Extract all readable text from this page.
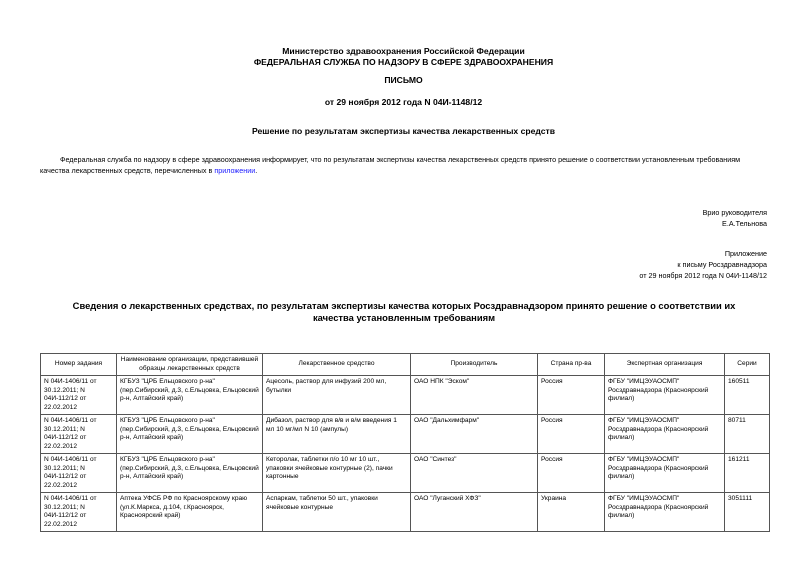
Министерство здравоохранения Российской Федерации
ФЕДЕРАЛЬНАЯ СЛУЖБА ПО НАДЗОРУ В СФЕРЕ ЗДРАВООХРАНЕНИЯ
ПИСЬМО
от 29 ноября 2012 года N 04И-1148/12
Решение по результатам экспертизы качества лекарственных средств
Федеральная служба по надзору в сфере здравоохранения информирует, что по результатам экспертизы качества лекарственных средств принято решение о соответствии установленным требованиям качества лекарственных средств, перечисленных в приложении.
Врио руководителя
Е.А.Тельнова
Приложение
к письму Росздравнадзора
от 29 ноября 2012 года N 04И-1148/12
Сведения о лекарственных средствах, по результатам экспертизы качества которых Росздравнадзором принято решение о соответствии их качества установленным требованиям
Номер задания	Наименование организации, представившей образцы лекарственных средств	Лекарственное средство	Производитель	Страна пр-ва	Экспертная организация	Серии
N 04И-1406/11 от 30.12.2011; N 04И-112/12 от 22.02.2012	КГБУЗ "ЦРБ Ельцовского р-на" (пер.Сибирский, д.3, с.Ельцовка, Ельцовский р-н, Алтайский край)	Ацесоль, раствор для инфузий 200 мл, бутылки	ОАО НПК "Эском"	Россия	ФГБУ "ИМЦЭУАОСМП" Росздравнадзора (Красноярский филиал)	160511
N 04И-1406/11 от 30.12.2011; N 04И-112/12 от 22.02.2012	КГБУЗ "ЦРБ Ельцовского р-на" (пер.Сибирский, д.3, с.Ельцовка, Ельцовский р-н, Алтайский край)	Дибазол, раствор для в/в и в/м введения 1 мл 10 мг/мл N 10 (ампулы)	ОАО "Дальхимфарм"	Россия	ФГБУ "ИМЦЭУАОСМП" Росздравнадзора (Красноярский филиал)	80711
N 04И-1406/11 от 30.12.2011; N 04И-112/12 от 22.02.2012	КГБУЗ "ЦРБ Ельцовского р-на" (пер.Сибирский, д.3, с.Ельцовка, Ельцовский р-н, Алтайский край)	Кеторолак, таблетки п/о 10 мг 10 шт., упаковки ячейковые контурные (2), пачки картонные	ОАО "Синтез"	Россия	ФГБУ "ИМЦЭУАОСМП" Росздравнадзора (Красноярский филиал)	161211
N 04И-1406/11 от 30.12.2011; N 04И-112/12 от 22.02.2012	Аптека УФСБ РФ по Красноярскому краю (ул.К.Маркса, д.104, г.Красноярск, Красноярский край)	Аспаркам, таблетки 50 шт., упаковки ячейковые контурные	ОАО "Луганский ХФЗ"	Украина	ФГБУ "ИМЦЭУАОСМП" Росздравнадзора (Красноярский филиал)	3051111
